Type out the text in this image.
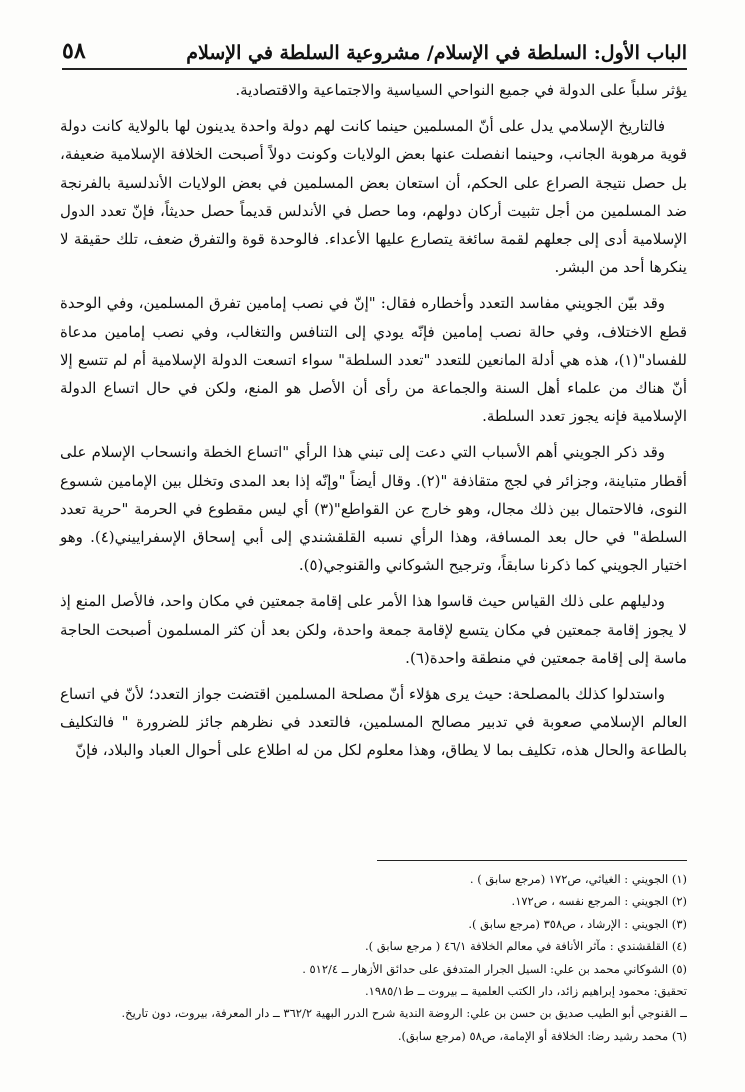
الباب الأول: السلطة في الإسلام/ مشروعية السلطة في الإسلام
٥٨

يؤثر سلباً على الدولة في جميع النواحي السياسية والاجتماعية والاقتصادية.

فالتاريخ الإسلامي يدل على أنّ المسلمين حينما كانت لهم دولة واحدة يدينون لها بالولاية كانت دولة قوية مرهوبة الجانب، وحينما انفصلت عنها بعض الولايات وكونت دولاً أصبحت الخلافة الإسلامية ضعيفة، بل حصل نتيجة الصراع على الحكم، أن استعان بعض المسلمين في بعض الولايات الأندلسية بالفرنجة ضد المسلمين من أجل تثبيت أركان دولهم، وما حصل في الأندلس قديماً حصل حديثاً، فإنّ تعدد الدول الإسلامية أدى إلى جعلهم لقمة سائغة يتصارع عليها الأعداء. فالوحدة قوة والتفرق ضعف، تلك حقيقة لا ينكرها أحد من البشر.

وقد بيّن الجويني مفاسد التعدد وأخطاره فقال: "إنّ في نصب إمامين تفرق المسلمين، وفي الوحدة قطع الاختلاف، وفي حالة نصب إمامين فإنّه يودي إلى التنافس والتغالب، وفي نصب إمامين مدعاة للفساد"(١)، هذه هي أدلة المانعين للتعدد "تعدد السلطة" سواء اتسعت الدولة الإسلامية أم لم تتسع إلا أنّ هناك من علماء أهل السنة والجماعة من رأى أن الأصل هو المنع، ولكن في حال اتساع الدولة الإسلامية فإنه يجوز تعدد السلطة.

وقد ذكر الجويني أهم الأسباب التي دعت إلى تبني هذا الرأي "اتساع الخطة وانسحاب الإسلام على أقطار متباينة، وجزائر في لجج متقاذفة "(٢). وقال أيضاً "وإنّه إذا بعد المدى وتخلل بين الإمامين شسوع النوى، فالاحتمال بين ذلك مجال، وهو خارج عن القواطع"(٣) أي ليس مقطوع في الحرمة "حرية تعدد السلطة" في حال بعد المسافة، وهذا الرأي نسبه القلقشندي إلى أبي إسحاق الإسفراييني(٤). وهو اختيار الجويني كما ذكرنا سابقاً، وترجيح الشوكاني والقنوجي(٥).

ودليلهم على ذلك القياس حيث قاسوا هذا الأمر على إقامة جمعتين في مكان واحد، فالأصل المنع إذ لا يجوز إقامة جمعتين في مكان يتسع لإقامة جمعة واحدة، ولكن بعد أن كثر المسلمون أصبحت الحاجة ماسة إلى إقامة جمعتين في منطقة واحدة(٦).

واستدلوا كذلك بالمصلحة: حيث يرى هؤلاء أنّ مصلحة المسلمين اقتضت جواز التعدد؛ لأنّ في اتساع العالم الإسلامي صعوبة في تدبير مصالح المسلمين، فالتعدد في نظرهم جائز للضرورة " فالتكليف بالطاعة والحال هذه، تكليف بما لا يطاق، وهذا معلوم لكل من له اطلاع على أحوال العباد والبلاد، فإنّ

(١) الجويني : الغياثي، ص١٧٢ (مرجع سابق ) .
(٢) الجويني : المرجع نفسه ، ص١٧٢.
(٣) الجويني : الإرشاد ، ص٣٥٨ (مرجع سابق ).
(٤) القلقشندي : مآثر الأنافة في معالم الخلافة ٤٦/١ ( مرجع سابق ).
(٥) الشوكاني محمد بن علي: السيل الجرار المتدفق على حدائق الأزهار ــ ٥١٢/٤ .
تحقيق: محمود إبراهيم زائد، دار الكتب العلمية ــ بيروت ــ ط١٩٨٥/١.
ــ القنوجي أبو الطيب صديق بن حسن بن علي: الروضة الندية شرح الدرر البهية ٣٦٢/٢ ــ دار المعرفة، بيروت، دون تاريخ.
(٦) محمد رشيد رضا: الخلافة أو الإمامة، ص٥٨ (مرجع سابق).
